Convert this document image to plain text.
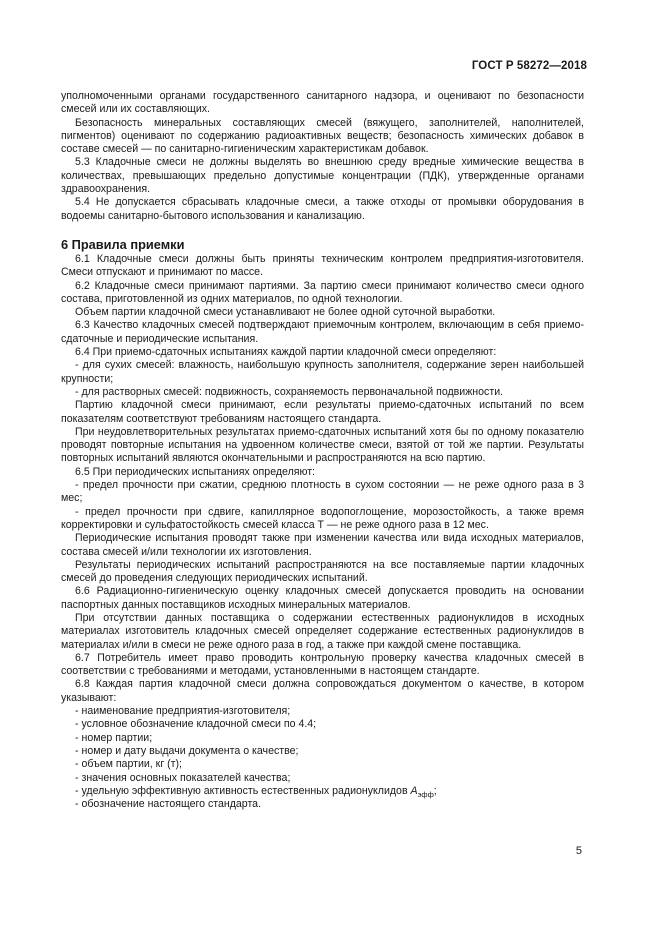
ГОСТ Р 58272—2018

уполномоченными органами государственного санитарного надзора, и оценивают по безопасности смесей или их составляющих.

Безопасность минеральных составляющих смесей (вяжущего, заполнителей, наполнителей, пигментов) оценивают по содержанию радиоактивных веществ; безопасность химических добавок в составе смесей — по санитарно-гигиеническим характеристикам добавок.

5.3 Кладочные смеси не должны выделять во внешнюю среду вредные химические вещества в количествах, превышающих предельно допустимые концентрации (ПДК), утвержденные органами здравоохранения.

5.4 Не допускается сбрасывать кладочные смеси, а также отходы от промывки оборудования в водоемы санитарно-бытового использования и канализацию.

6 Правила приемки

6.1 Кладочные смеси должны быть приняты техническим контролем предприятия-изготовителя. Смеси отпускают и принимают по массе.

6.2 Кладочные смеси принимают партиями. За партию смеси принимают количество смеси одного состава, приготовленной из одних материалов, по одной технологии.

Объем партии кладочной смеси устанавливают не более одной суточной выработки.

6.3 Качество кладочных смесей подтверждают приемочным контролем, включающим в себя приемо-сдаточные и периодические испытания.

6.4 При приемо-сдаточных испытаниях каждой партии кладочной смеси определяют:

- для сухих смесей: влажность, наибольшую крупность заполнителя, содержание зерен наибольшей крупности;

- для растворных смесей: подвижность, сохраняемость первоначальной подвижности.

Партию кладочной смеси принимают, если результаты приемо-сдаточных испытаний по всем показателям соответствуют требованиям настоящего стандарта.

При неудовлетворительных результатах приемо-сдаточных испытаний хотя бы по одному показателю проводят повторные испытания на удвоенном количестве смеси, взятой от той же партии. Результаты повторных испытаний являются окончательными и распространяются на всю партию.

6.5 При периодических испытаниях определяют:

- предел прочности при сжатии, среднюю плотность в сухом состоянии — не реже одного раза в 3 мес;

- предел прочности при сдвиге, капиллярное водопоглощение, морозостойкость, а также время корректировки и сульфатостойкость смесей класса Т — не реже одного раза в 12 мес.

Периодические испытания проводят также при изменении качества или вида исходных материалов, состава смесей и/или технологии их изготовления.

Результаты периодических испытаний распространяются на все поставляемые партии кладочных смесей до проведения следующих периодических испытаний.

6.6 Радиационно-гигиеническую оценку кладочных смесей допускается проводить на основании паспортных данных поставщиков исходных минеральных материалов.

При отсутствии данных поставщика о содержании естественных радионуклидов в исходных материалах изготовитель кладочных смесей определяет содержание естественных радионуклидов в материалах и/или в смеси не реже одного раза в год, а также при каждой смене поставщика.

6.7 Потребитель имеет право проводить контрольную проверку качества кладочных смесей в соответствии с требованиями и методами, установленными в настоящем стандарте.

6.8 Каждая партия кладочной смеси должна сопровождаться документом о качестве, в котором указывают:

- наименование предприятия-изготовителя;

- условное обозначение кладочной смеси по 4.4;

- номер партии;

- номер и дату выдачи документа о качестве;

- объем партии, кг (т);

- значения основных показателей качества;

- удельную эффективную активность естественных радионуклидов $А_{эфф}$;

- обозначение настоящего стандарта.

5
